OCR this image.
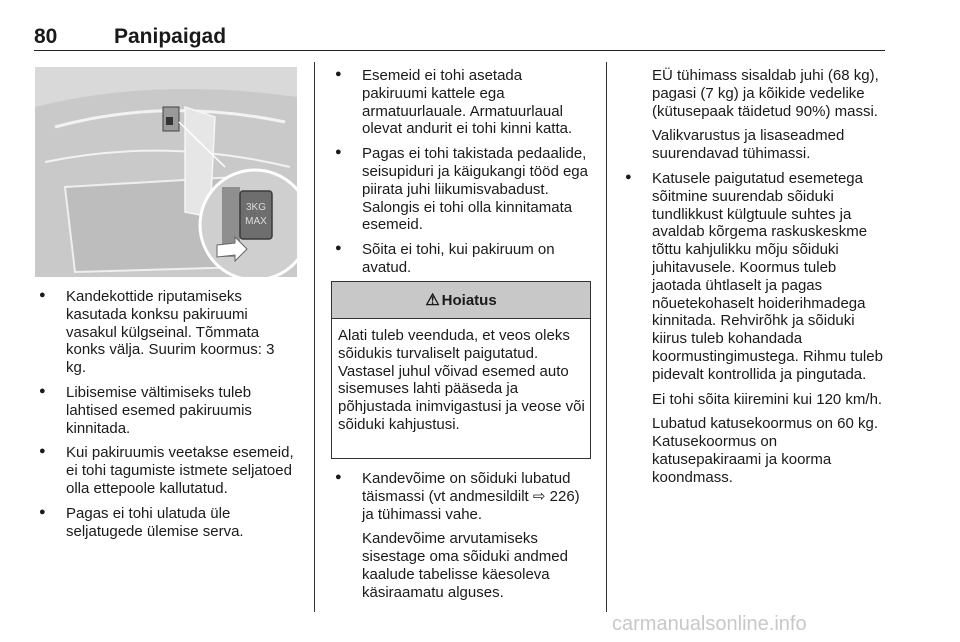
80	Panipaigad
3KG
MAX
● Kandekottide riputamiseks kasutada konksu pakiruumi vasakul külgseinal. Tõmmata konks välja. Suurim koormus: 3 kg.
● Libisemise vältimiseks tuleb lahtised esemed pakiruumis kinnitada.
● Kui pakiruumis veetakse esemeid, ei tohi tagumiste istmete seljatoed olla ettepoole kallutatud.
● Pagas ei tohi ulatuda üle seljatugede ülemise serva.
● Esemeid ei tohi asetada pakiruumi kattele ega armatuurlauale. Armatuurlaual olevat andurit ei tohi kinni katta.
● Pagas ei tohi takistada pedaalide, seisupiduri ja käigukangi tööd ega piirata juhi liikumisvabadust. Salongis ei tohi olla kinnitamata esemeid.
● Sõita ei tohi, kui pakiruum on avatud.
⚠ Hoiatus
Alati tuleb veenduda, et veos oleks sõidukis turvaliselt paigutatud. Vastasel juhul võivad esemed auto sisemuses lahti pääseda ja põhjustada inimvigastusi ja veose või sõiduki kahjustusi.

● Kandevõime on sõiduki lubatud täismassi (vt andmesildilt ⇨ 226) ja tühimassi vahe.

Kandevõime arvutamiseks sisestage oma sõiduki andmed kaalude tabelisse käesoleva käsiraamatu alguses.

EÜ tühimass sisaldab juhi (68 kg), pagasi (7 kg) ja kõikide vedelike (kütusepaak täidetud 90%) massi.

Valikvarustus ja lisaseadmed suurendavad tühimassi.

● Katusele paigutatud esemetega sõitmine suurendab sõiduki tundlikkust külgtuule suhtes ja avaldab kõrgema raskuskeskme tõttu kahjulikku mõju sõiduki juhitavusele. Koormus tuleb jaotada ühtlaselt ja pagas nõuetekohaselt hoiderihmadega kinnitada. Rehvirõhk ja sõiduki kiirus tuleb kohandada koormustingimustega. Rihmu tuleb pidevalt kontrollida ja pingutada.

Ei tohi sõita kiiremini kui 120 km/h.

Lubatud katusekoormus on 60 kg. Katusekoormus on katusepakiraami ja koorma koondmass.

carmanualsonline.info
